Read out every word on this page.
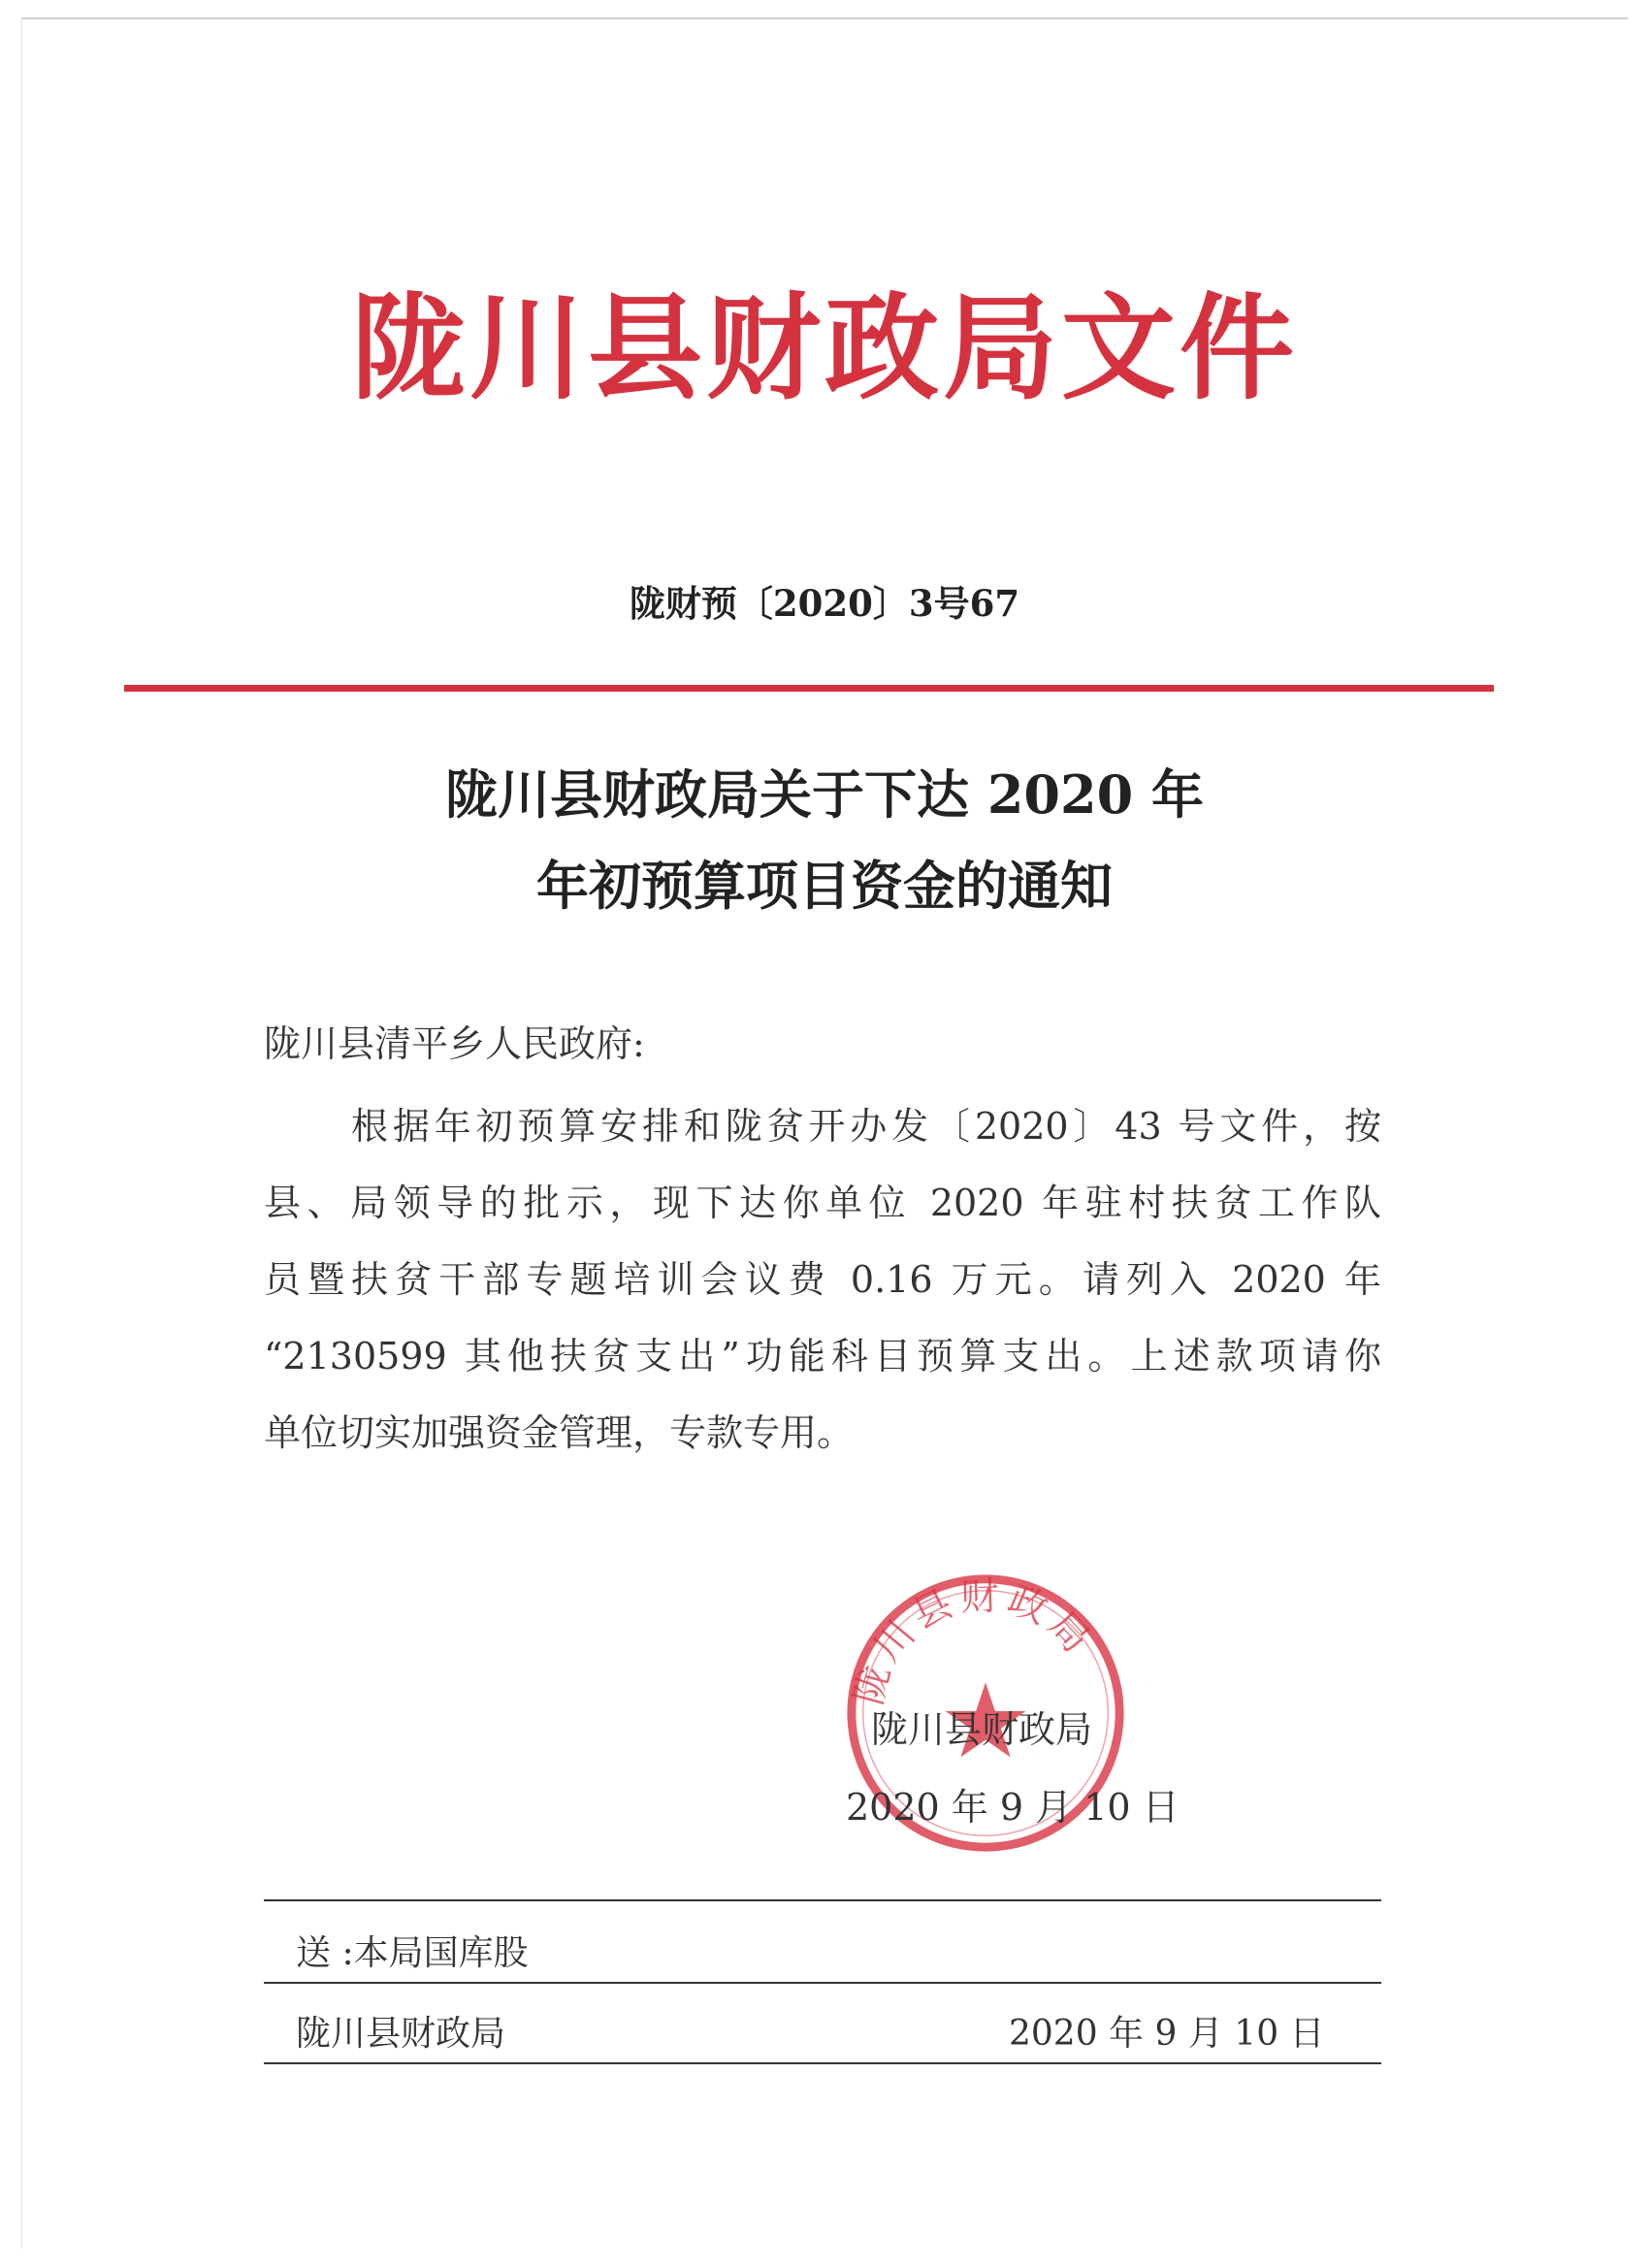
陇川县财政局文件
陇财预〔2020〕3号67
陇川县财政局关于下达 2020 年
年初预算项目资金的通知
陇川县清平乡人民政府:
根据年初预算安排和陇贫开办发〔2020〕43 号文件，按
县、局领导的批示，现下达你单位 2020 年驻村扶贫工作队
员暨扶贫干部专题培训会议费 0.16 万元。请列入 2020 年
“2130599 其他扶贫支出”功能科目预算支出。上述款项请你
单位切实加强资金管理，专款专用。
陇川县财政局
陇川县财政局
2020 年 9 月 10 日
送 :本局国库股
陇川县财政局	2020 年 9 月 10 日
